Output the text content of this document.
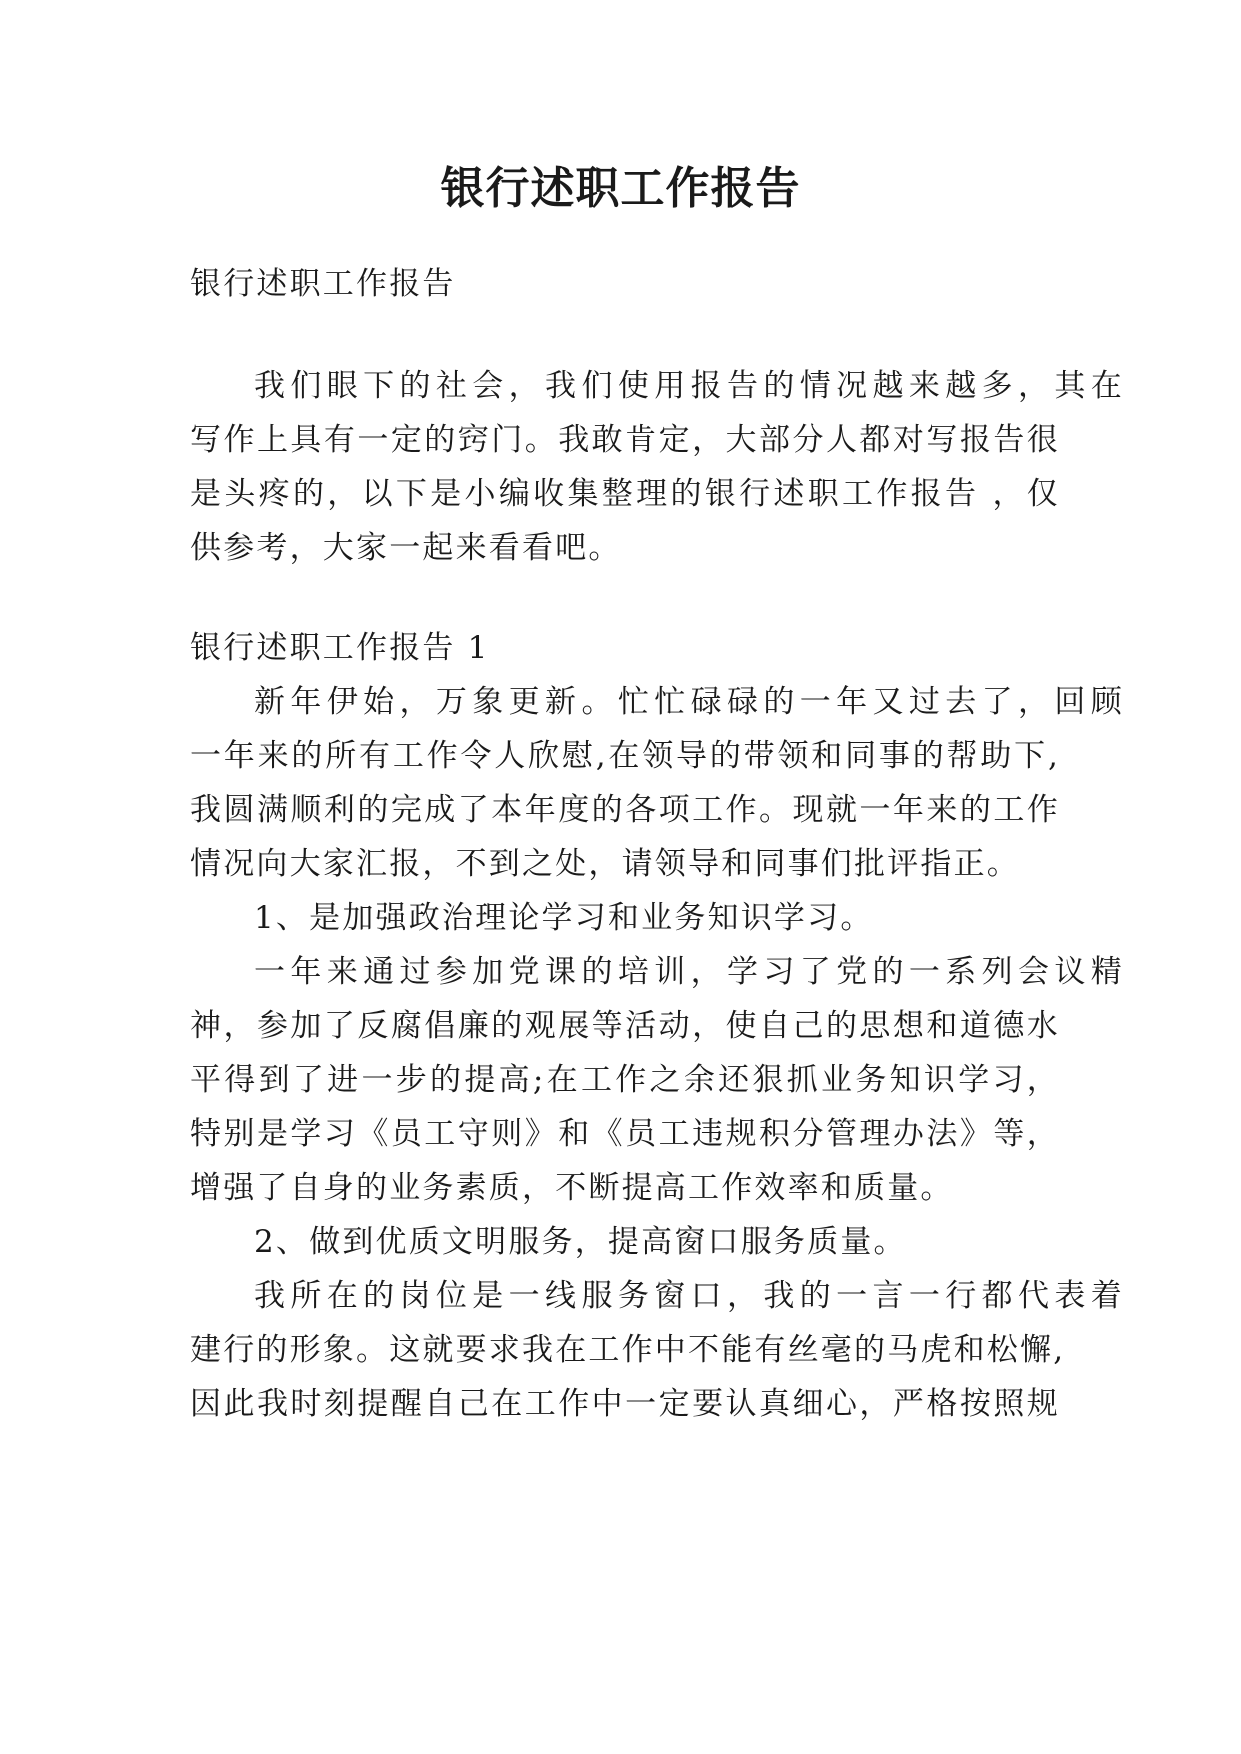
银行述职工作报告
银行述职工作报告
我们眼下的社会，我们使用报告的情况越来越多，其在
写作上具有一定的窍门。我敢肯定，大部分人都对写报告很
是头疼的，以下是小编收集整理的银行述职工作报告 ，仅
供参考，大家一起来看看吧。
银行述职工作报告 1
新年伊始，万象更新。忙忙碌碌的一年又过去了，回顾
一年来的所有工作令人欣慰,在领导的带领和同事的帮助下,
我圆满顺利的完成了本年度的各项工作。现就一年来的工作
情况向大家汇报，不到之处，请领导和同事们批评指正。
1、是加强政治理论学习和业务知识学习。
一年来通过参加党课的培训，学习了党的一系列会议精
神，参加了反腐倡廉的观展等活动，使自己的思想和道德水
平得到了进一步的提高;在工作之余还狠抓业务知识学习，
特别是学习《员工守则》和《员工违规积分管理办法》等，
增强了自身的业务素质，不断提高工作效率和质量。
2、做到优质文明服务，提高窗口服务质量。
我所在的岗位是一线服务窗口，我的一言一行都代表着
建行的形象。这就要求我在工作中不能有丝毫的马虎和松懈,
因此我时刻提醒自己在工作中一定要认真细心，严格按照规
